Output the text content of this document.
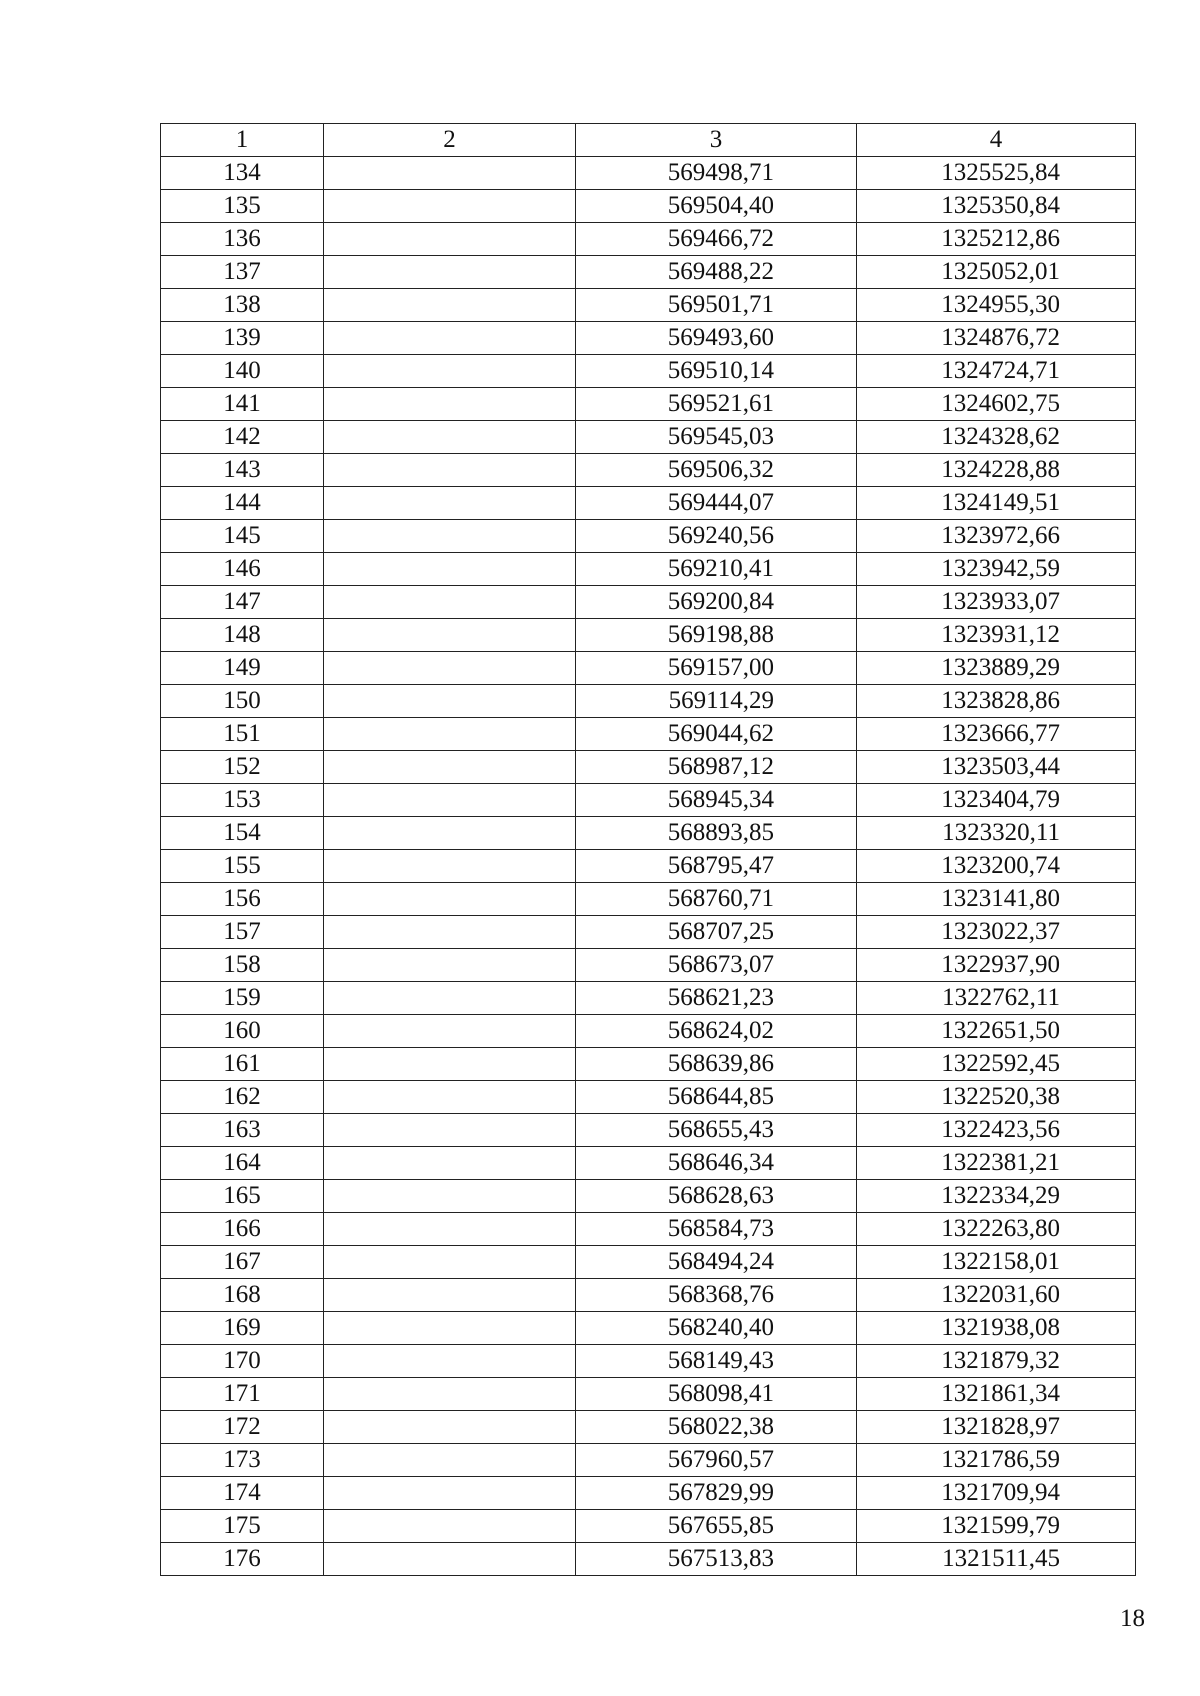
1	2	3	4
134		569498,71	1325525,84
135		569504,40	1325350,84
136		569466,72	1325212,86
137		569488,22	1325052,01
138		569501,71	1324955,30
139		569493,60	1324876,72
140		569510,14	1324724,71
141		569521,61	1324602,75
142		569545,03	1324328,62
143		569506,32	1324228,88
144		569444,07	1324149,51
145		569240,56	1323972,66
146		569210,41	1323942,59
147		569200,84	1323933,07
148		569198,88	1323931,12
149		569157,00	1323889,29
150		569114,29	1323828,86
151		569044,62	1323666,77
152		568987,12	1323503,44
153		568945,34	1323404,79
154		568893,85	1323320,11
155		568795,47	1323200,74
156		568760,71	1323141,80
157		568707,25	1323022,37
158		568673,07	1322937,90
159		568621,23	1322762,11
160		568624,02	1322651,50
161		568639,86	1322592,45
162		568644,85	1322520,38
163		568655,43	1322423,56
164		568646,34	1322381,21
165		568628,63	1322334,29
166		568584,73	1322263,80
167		568494,24	1322158,01
168		568368,76	1322031,60
169		568240,40	1321938,08
170		568149,43	1321879,32
171		568098,41	1321861,34
172		568022,38	1321828,97
173		567960,57	1321786,59
174		567829,99	1321709,94
175		567655,85	1321599,79
176		567513,83	1321511,45
18
